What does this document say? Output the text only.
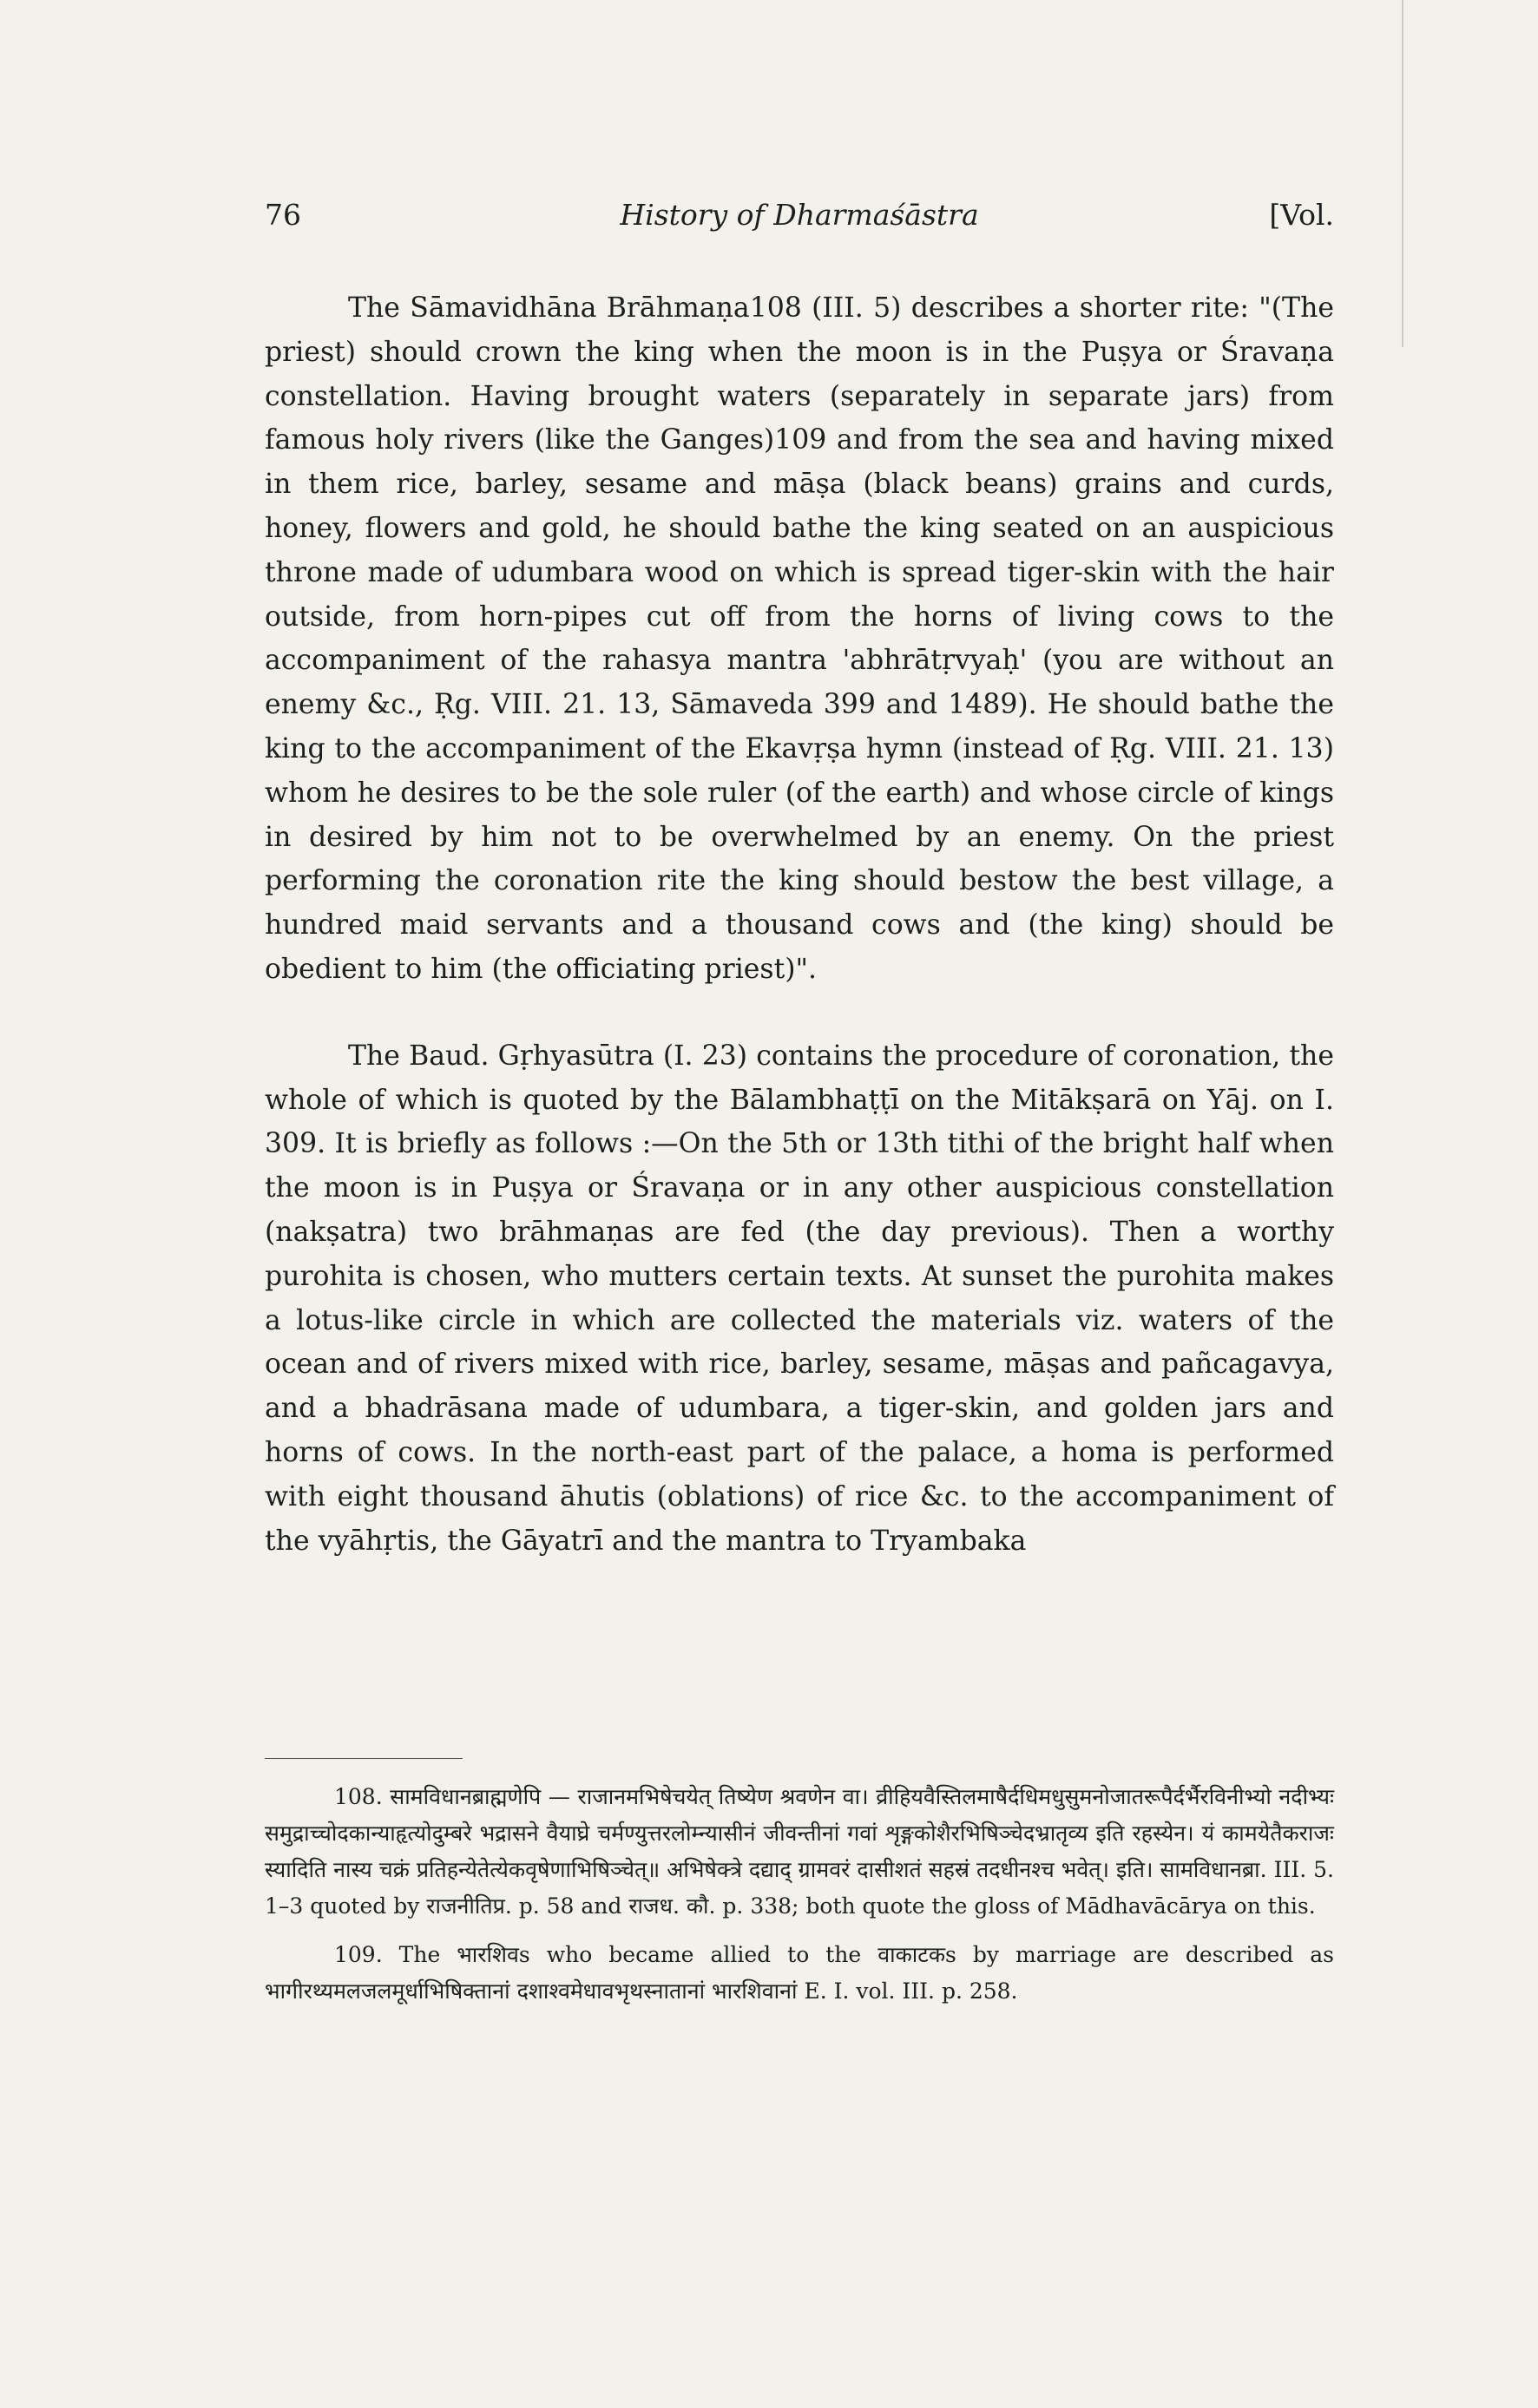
76	History of Dharmaśāstra	[Vol.

The Sāmavidhāna Brāhmaṇa108 (III. 5) describes a shorter rite: "(The priest) should crown the king when the moon is in the Puṣya or Śravaṇa constellation. Having brought waters (separately in separate jars) from famous holy rivers (like the Ganges)109 and from the sea and having mixed in them rice, barley, sesame and māṣa (black beans) grains and curds, honey, flowers and gold, he should bathe the king seated on an auspicious throne made of udumbara wood on which is spread tiger-skin with the hair outside, from horn-pipes cut off from the horns of living cows to the accompaniment of the rahasya mantra 'abhrātṛvyaḥ' (you are without an enemy &c., Ṛg. VIII. 21. 13, Sāmaveda 399 and 1489). He should bathe the king to the accompaniment of the Ekavṛṣa hymn (instead of Ṛg. VIII. 21. 13) whom he desires to be the sole ruler (of the earth) and whose circle of kings in desired by him not to be overwhelmed by an enemy. On the priest performing the coronation rite the king should bestow the best village, a hundred maid servants and a thousand cows and (the king) should be obedient to him (the officiating priest)".

The Baud. Gṛhyasūtra (I. 23) contains the procedure of coronation, the whole of which is quoted by the Bālambhaṭṭī on the Mitākṣarā on Yāj. on I. 309. It is briefly as follows :—On the 5th or 13th tithi of the bright half when the moon is in Puṣya or Śravaṇa or in any other auspicious constellation (nakṣatra) two brāhmaṇas are fed (the day previous). Then a worthy purohita is chosen, who mutters certain texts. At sunset the purohita makes a lotus-like circle in which are collected the materials viz. waters of the ocean and of rivers mixed with rice, barley, sesame, māṣas and pañcagavya, and a bhadrāsana made of udumbara, a tiger-skin, and golden jars and horns of cows. In the north-east part of the palace, a homa is performed with eight thousand āhutis (oblations) of rice &c. to the accompaniment of the vyāhṛtis, the Gāyatrī and the mantra to Tryambaka

108. सामविधानब्राह्मणेपि — राजानमभिषेचयेत् तिष्येण श्रवणेन वा। व्रीहियवैस्तिलमाषैर्दधिमधुसुमनोजातरूपैर्दर्भैरविनीभ्यो नदीभ्यः समुद्राच्चोदकान्याहृत्योदुम्बरे भद्रासने वैयाघ्रे चर्मण्युत्तरलोम्न्यासीनं जीवन्तीनां गवां शृङ्गकोशैरभिषिञ्चेदभ्रातृव्य इति रहस्येन। यं कामयेतैकराजः स्यादिति नास्य चक्रं प्रतिहन्येतेत्येकवृषेणाभिषिञ्चेत्॥ अभिषेक्त्रे दद्याद् ग्रामवरं दासीशतं सहस्रं तदधीनश्च भवेत्। इति। सामविधानब्रा. III. 5. 1–3 quoted by राजनीतिप्र. p. 58 and राजध. कौ. p. 338; both quote the gloss of Mādhavācārya on this.

109. The भारशिवs who became allied to the वाकाटकs by marriage are described as भागीरथ्यमलजलमूर्धाभिषिक्तानां दशाश्वमेधावभृथस्नातानां भारशिवानां E. I. vol. III. p. 258.
